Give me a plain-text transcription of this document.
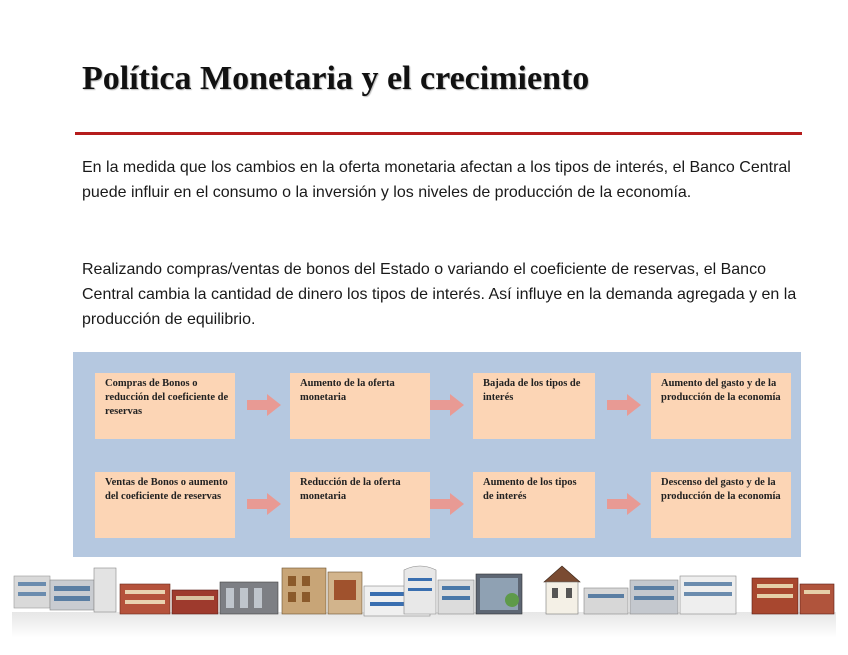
Política Monetaria y el crecimiento

En la medida que los cambios en la oferta monetaria afectan a los tipos de interés, el Banco Central puede influir en el consumo o la inversión y los niveles de producción de la economía.

Realizando compras/ventas de bonos del Estado o variando el coeficiente de reservas, el Banco Central cambia la cantidad de dinero los tipos de interés. Así influye en la demanda agregada y en la producción de equilibrio.

Compras de Bonos o reducción del coeficiente de reservas
Aumento de la oferta monetaria
Bajada de los tipos de interés
Aumento del gasto y de la producción de la economía
Ventas de Bonos o aumento del coeficiente de reservas
Reducción de la oferta monetaria
Aumento de los tipos de interés
Descenso del gasto y de la producción de la economía
